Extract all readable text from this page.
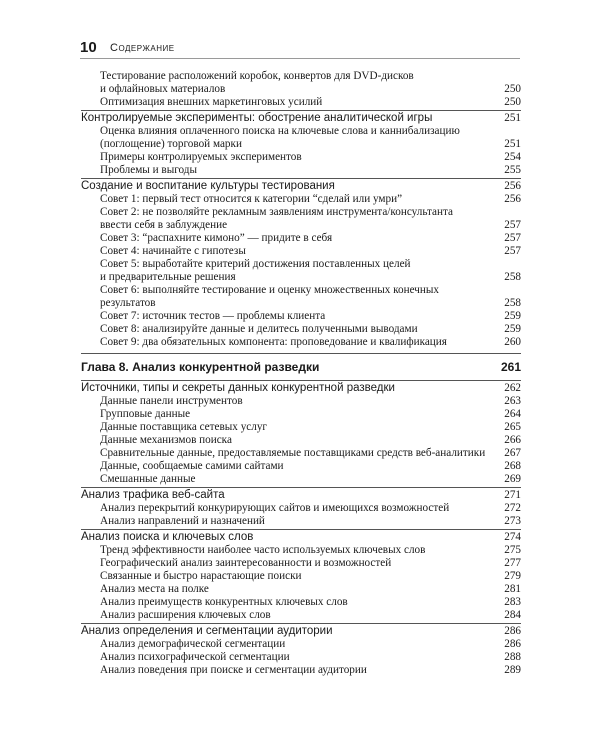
10 Содержание
Тестирование расположений коробок, конвертов для DVD-дисков
и офлайновых материалов	250
Оптимизация внешних маркетинговых усилий	250
Контролируемые эксперименты: обострение аналитической игры	251
Оценка влияния оплаченного поиска на ключевые слова и каннибализацию
(поглощение) торговой марки	251
Примеры контролируемых экспериментов	254
Проблемы и выгоды	255
Создание и воспитание культуры тестирования	256
Совет 1: первый тест относится к категории “сделай или умри”	256
Совет 2: не позволяйте рекламным заявлениям инструмента/консультанта
ввести себя в заблуждение	257
Совет 3: “распахните кимоно” — придите в себя	257
Совет 4: начинайте с гипотезы	257
Совет 5: выработайте критерий достижения поставленных целей
и предварительные решения	258
Совет 6: выполняйте тестирование и оценку множественных конечных
результатов	258
Совет 7: источник тестов — проблемы клиента	259
Совет 8: анализируйте данные и делитесь полученными выводами	259
Совет 9: два обязательных компонента: проповедование и квалификация	260
Глава 8. Анализ конкурентной разведки	261
Источники, типы и секреты данных конкурентной разведки	262
Данные панели инструментов	263
Групповые данные	264
Данные поставщика сетевых услуг	265
Данные механизмов поиска	266
Сравнительные данные, предоставляемые поставщиками средств веб-аналитики	267
Данные, сообщаемые самими сайтами	268
Смешанные данные	269
Анализ трафика веб-сайта	271
Анализ перекрытий конкурирующих сайтов и имеющихся возможностей	272
Анализ направлений и назначений	273
Анализ поиска и ключевых слов	274
Тренд эффективности наиболее часто используемых ключевых слов	275
Географический анализ заинтересованности и возможностей	277
Связанные и быстро нарастающие поиски	279
Анализ места на полке	281
Анализ преимуществ конкурентных ключевых слов	283
Анализ расширения ключевых слов	284
Анализ определения и сегментации аудитории	286
Анализ демографической сегментации	286
Анализ психографической сегментации	288
Анализ поведения при поиске и сегментации аудитории	289
